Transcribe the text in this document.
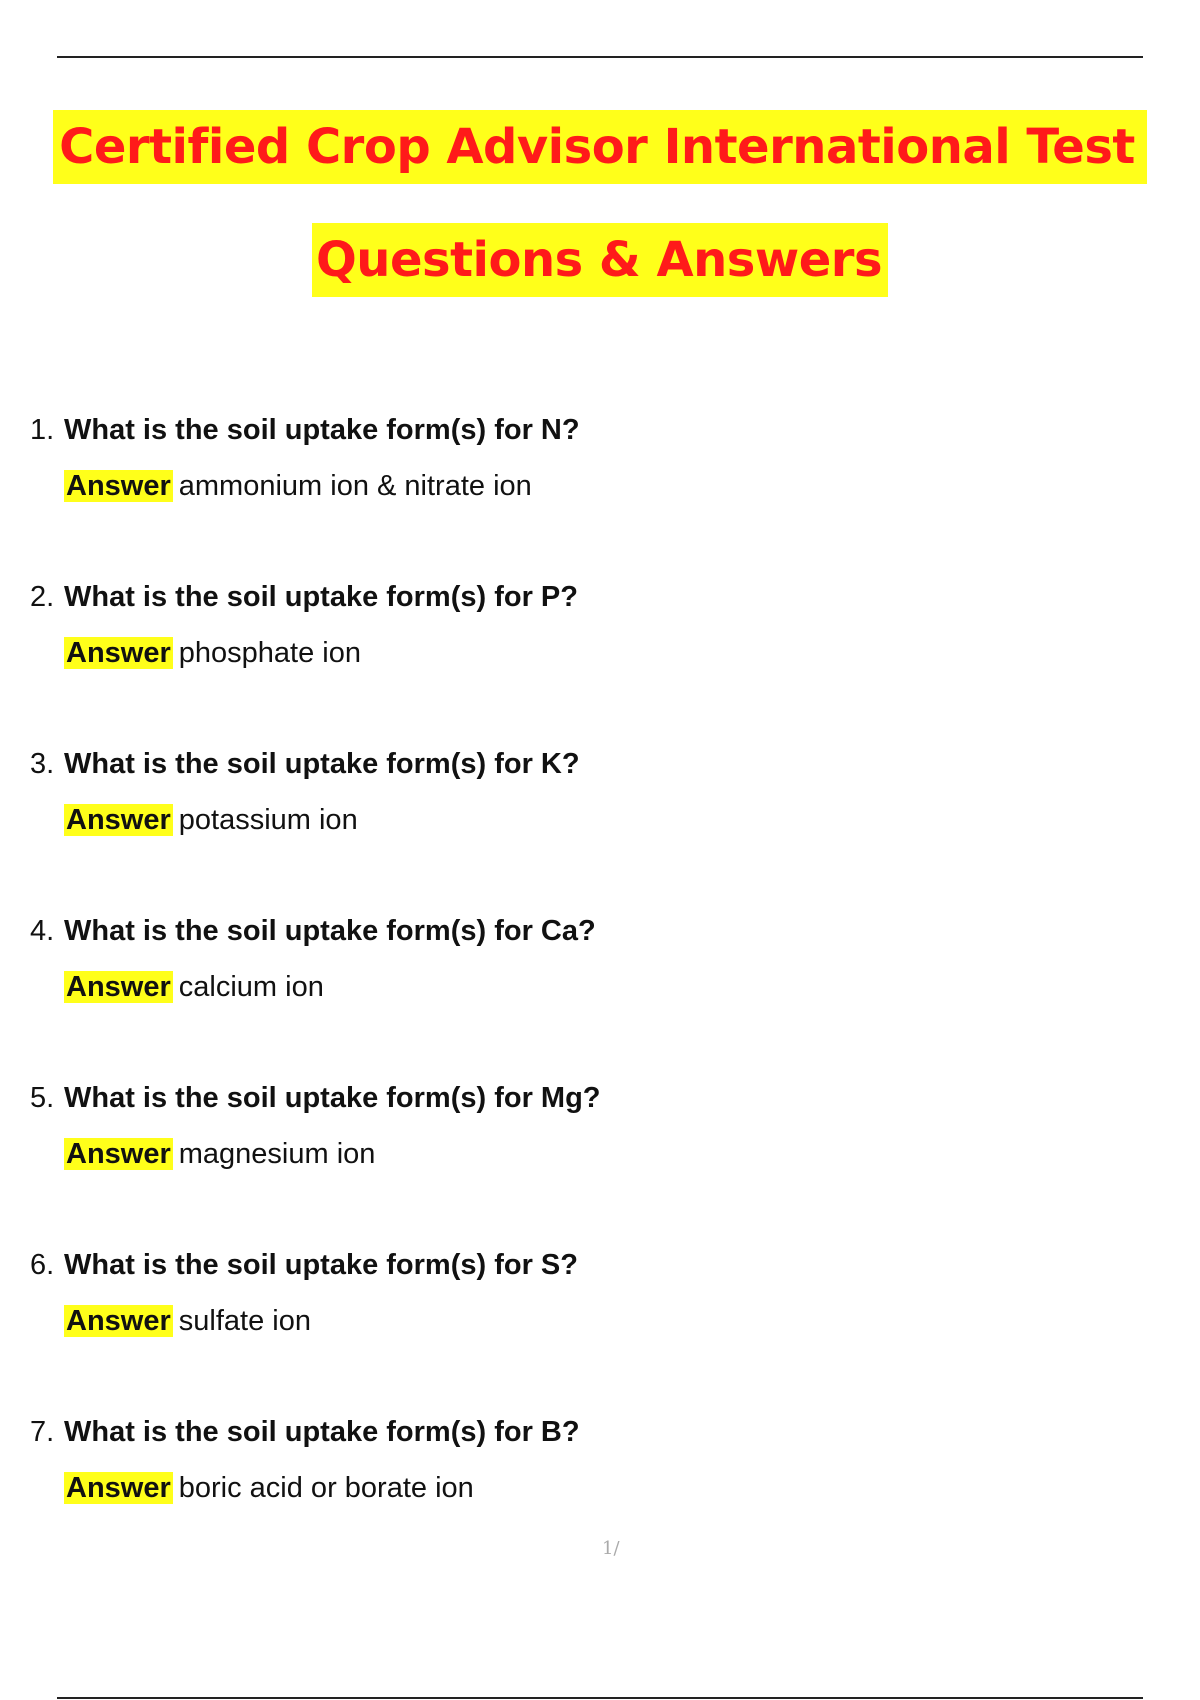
Certified Crop Advisor International Test
Questions & Answers
1. What is the soil uptake form(s) for N?
Answer ammonium ion & nitrate ion
2. What is the soil uptake form(s) for P?
Answer phosphate ion
3. What is the soil uptake form(s) for K?
Answer potassium ion
4. What is the soil uptake form(s) for Ca?
Answer calcium ion
5. What is the soil uptake form(s) for Mg?
Answer magnesium ion
6. What is the soil uptake form(s) for S?
Answer sulfate ion
7. What is the soil uptake form(s) for B?
Answer boric acid or borate ion
1/
